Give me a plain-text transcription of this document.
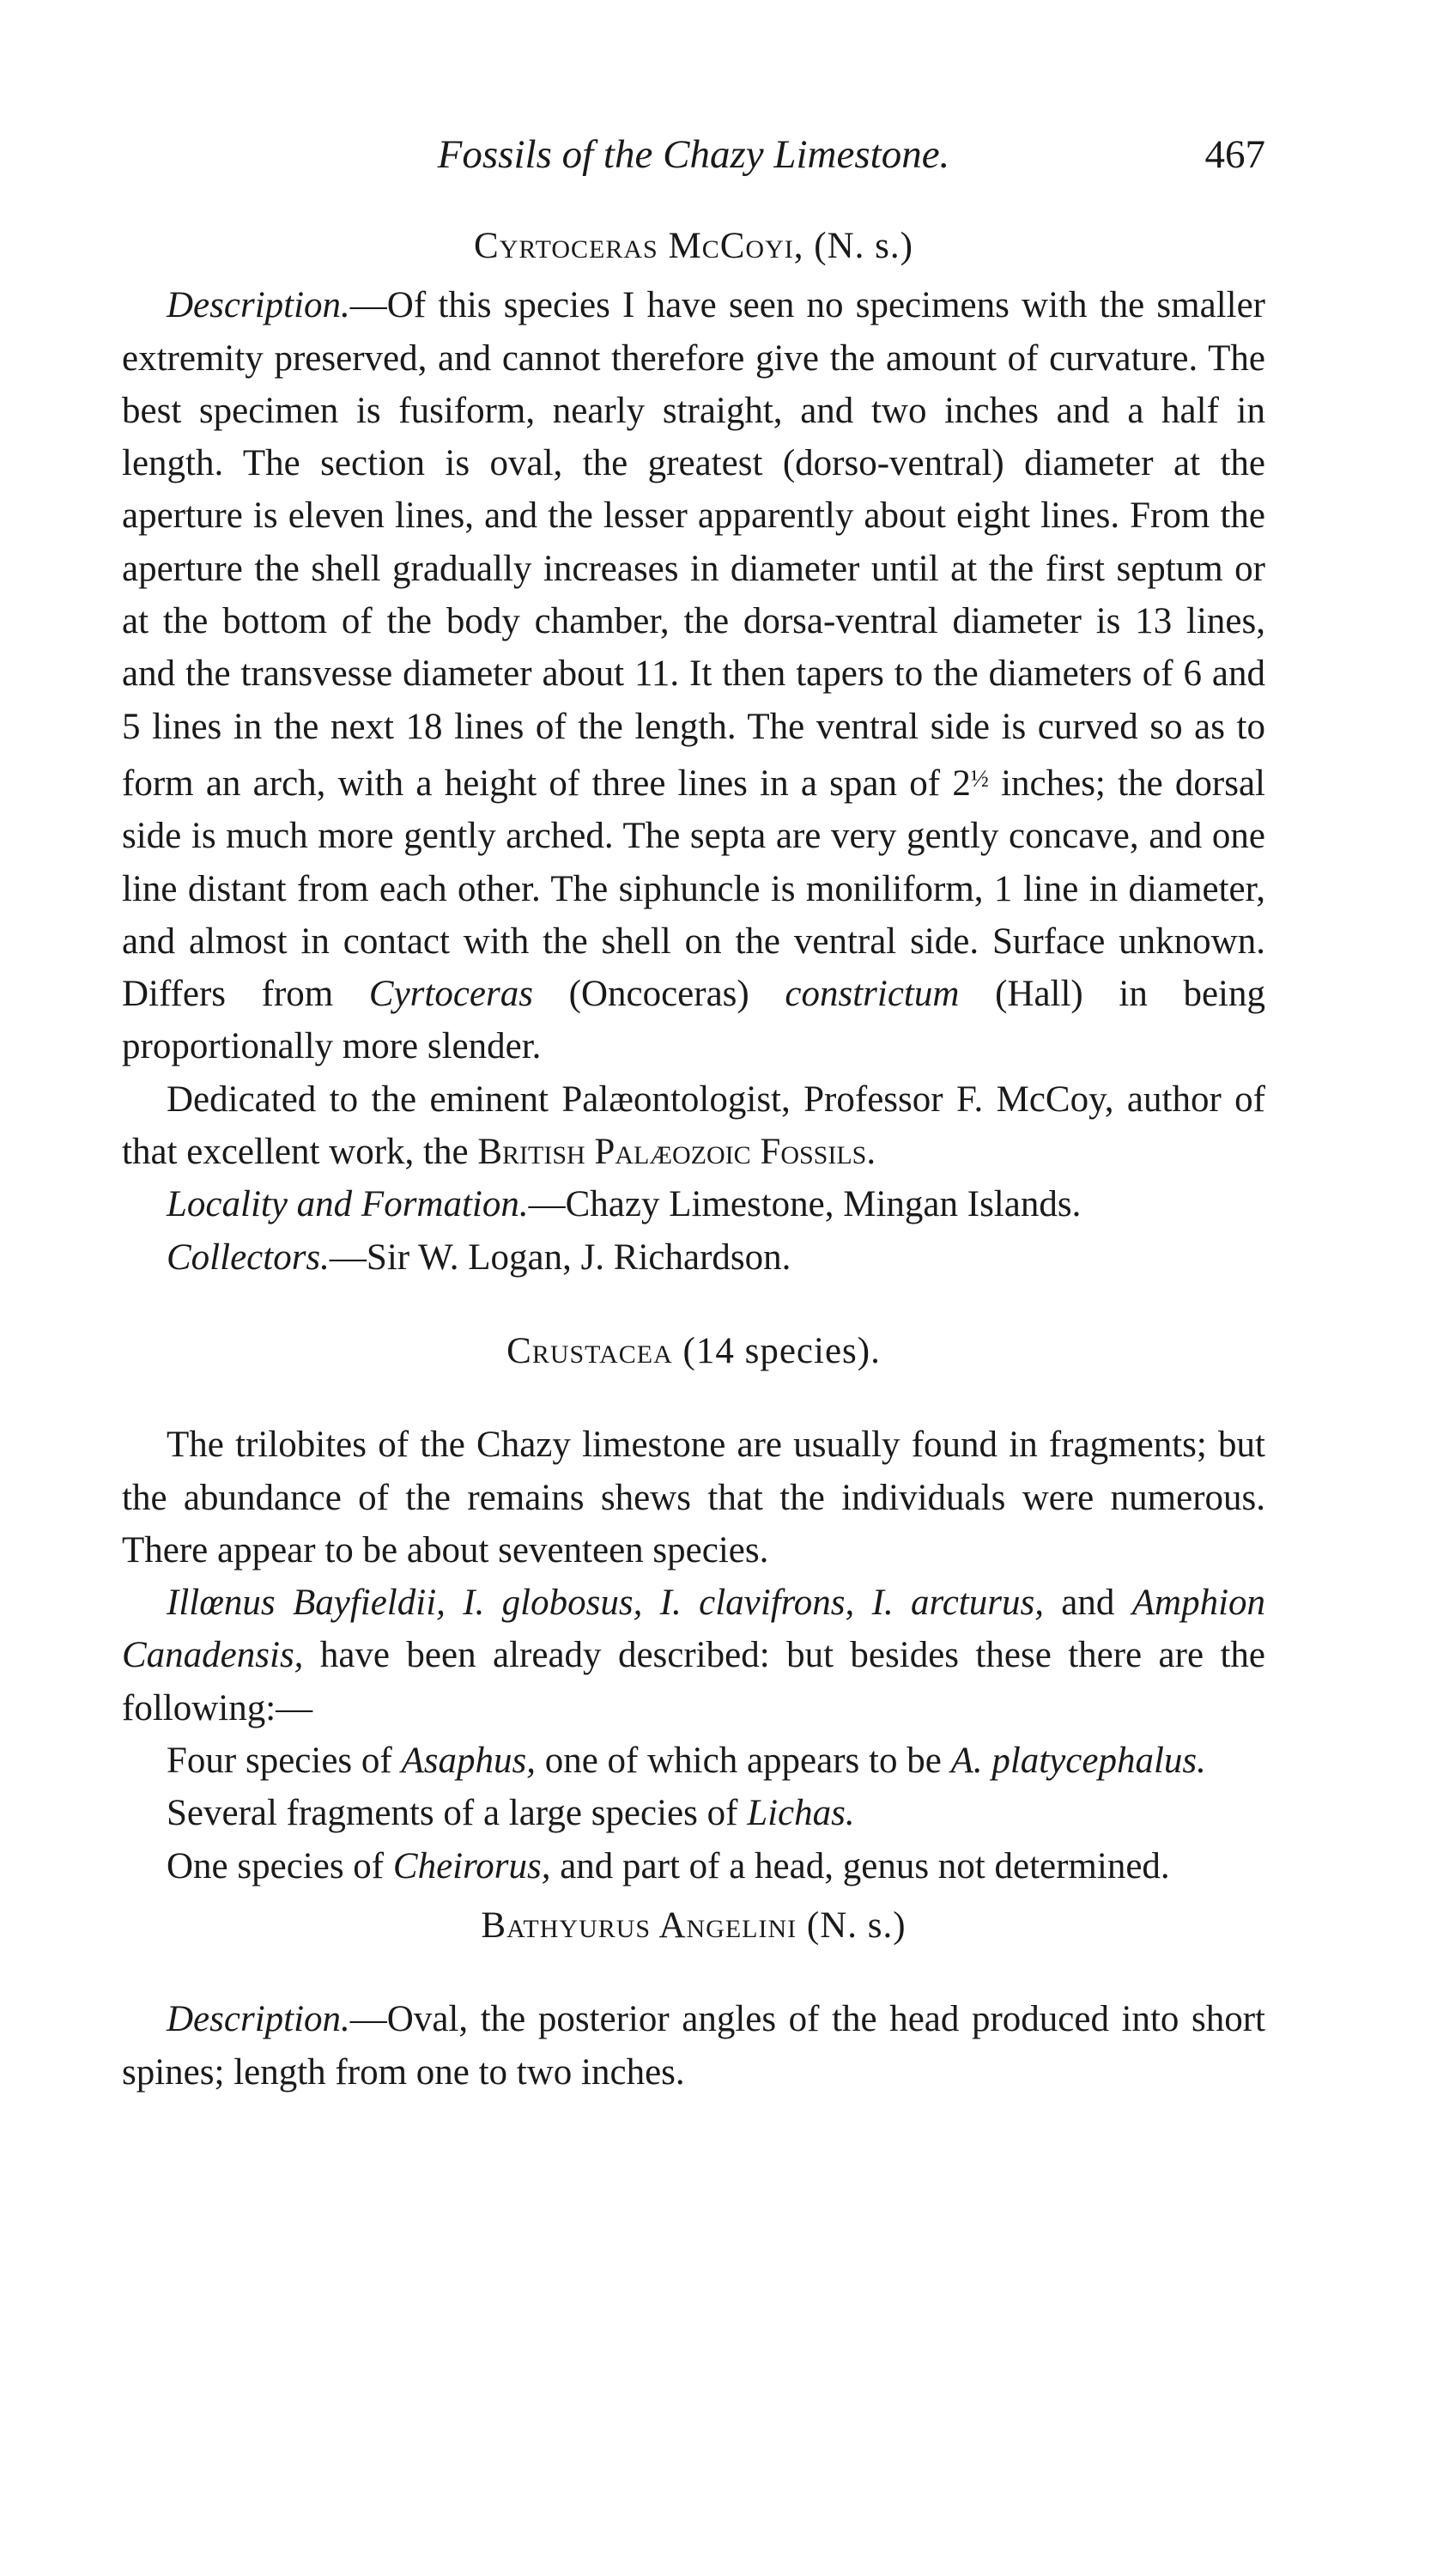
Fossils of the Chazy Limestone.	467
Cyrtoceras McCoyi, (N. s.)

Description.—Of this species I have seen no specimens with the smaller extremity preserved, and cannot therefore give the amount of curvature. The best specimen is fusiform, nearly straight, and two inches and a half in length. The section is oval, the greatest (dorso-ventral) diameter at the aperture is eleven lines, and the lesser apparently about eight lines. From the aperture the shell gradually increases in diameter until at the first septum or at the bottom of the body chamber, the dorsa-ventral diameter is 13 lines, and the transvesse diameter about 11. It then tapers to the diameters of 6 and 5 lines in the next 18 lines of the length. The ventral side is curved so as to form an arch, with a height of three lines in a span of $2^{\frac{1}{2}}$ inches; the dorsal side is much more gently arched. The septa are very gently concave, and one line distant from each other. The siphuncle is moniliform, 1 line in diameter, and almost in contact with the shell on the ventral side. Surface unknown. Differs from Cyrtoceras (Oncoceras) constrictum (Hall) in being proportionally more slender.

Dedicated to the eminent Palæontologist, Professor F. McCoy, author of that excellent work, the British Palæozoic Fossils.

Locality and Formation.—Chazy Limestone, Mingan Islands.

Collectors.—Sir W. Logan, J. Richardson.

Crustacea (14 species).

The trilobites of the Chazy limestone are usually found in fragments; but the abundance of the remains shews that the individuals were numerous. There appear to be about seventeen species.

Illœnus Bayfieldii, I. globosus, I. clavifrons, I. arcturus, and Amphion Canadensis, have been already described: but besides these there are the following:—

Four species of Asaphus, one of which appears to be A. platycephalus.

Several fragments of a large species of Lichas.

One species of Cheirorus, and part of a head, genus not determined.

Bathyurus Angelini (N. s.)

Description.—Oval, the posterior angles of the head produced into short spines; length from one to two inches.
